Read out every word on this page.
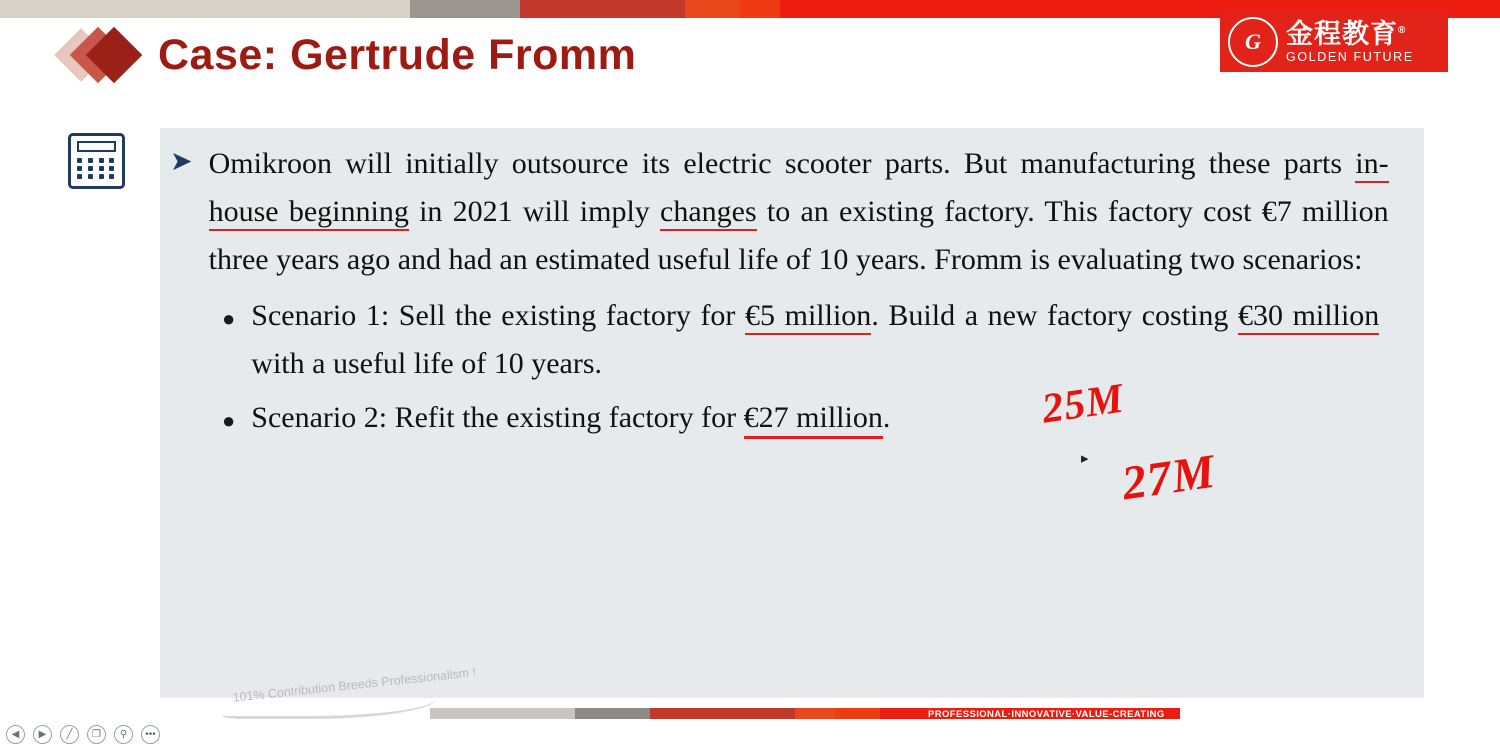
Case: Gertrude Fromm	G 金程教育®
GOLDEN FUTURE
➤ Omikroon will initially outsource its electric scooter parts. But manufacturing these parts in-house beginning in 2021 will imply changes to an existing factory. This factory cost €7 million three years ago and had an estimated useful life of 10 years. Fromm is evaluating two scenarios:
● Scenario 1: Sell the existing factory for €5 million. Build a new factory costing €30 million with a useful life of 10 years.
● Scenario 2: Refit the existing factory for €27 million.	25M
27M
▸
101% Contribution Breeds Professionalism !
PROFESSIONAL·INNOVATIVE·VALUE-CREATING
◀	▶	╱	❐	⚲	•••
